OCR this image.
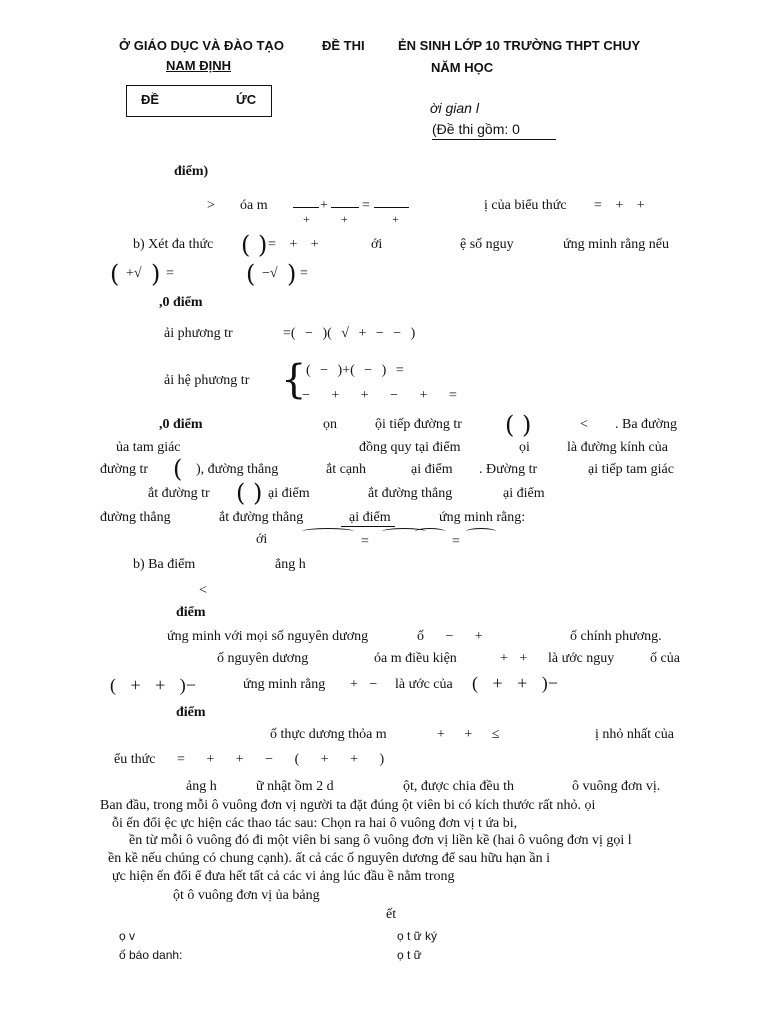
Ở GIÁO DỤC VÀ ĐÀO TẠO
NAM ĐỊNH
ĐỀ THI	ẺN SINH LỚP 10 TRƯỜNG THPT CHUY
NĂM HỌC
ĐỀ	ỨC
ời gian l
(Đề thi gồm: 0
điểm)
> óa m	+ =
+	+	+
ị của biểu thức = + +
b) Xét đa thức ( ) = + +	ới	ệ số nguy	ứng minh rằng nếu
( +√ ) =	( −√ ) =
,0 điểm
ải phương tr	=( − )( √ + − − )
ải hệ phương tr { ( − )+( − ) =
− + + − + =
,0 điểm	ọn	ội tiếp đường tr ( )	< . Ba đường
ủa tam giác	đồng quy tại điểm	ọi	là đường kính của
đường tr ( ), đường thẳng	ắt cạnh	ại điểm . Đường tr	ại tiếp tam giác
ắt đường tr ( ) ại điểm	ắt đường thẳng	ại điểm
đường thẳng	ắt đường thẳng	ại điểm	ứng minh rằng:
ới	=	=
b) Ba điểm	ẳng h
<
điểm
ứng minh với mọi số nguyên dương	ố − +	ố chính phương.
ố nguyên dương	óa m điều kiện	+ + là ước nguy	ố của
( + + )−	ứng minh rằng + − là ước của ( + + )−
điểm
ố thực dương thỏa m	+ + ≤	ị nhỏ nhất của
ểu thức = + + − ( + + )
ảng h	ữ nhật ồm 2 d	ột, được chia đều th	ô vuông đơn vị.
Ban đầu, trong mỗi ô vuông đơn vị người ta đặt đúng ột viên bi có kích thước rất nhỏ. ọi
ỗi ến đổi ệc ực hiện các thao tác sau: Chọn ra hai ô vuông đơn vị t ứa bi,
ền từ mỗi ô vuông đó đi một viên bi sang ô vuông đơn vị liền kề (hai ô vuông đơn vị gọi l
ền kề nếu chúng có chung cạnh). ất cả các ố nguyên dương để sau hữu hạn ần i
ực hiện ến đổi ể đưa hết tất cả các vi ảng lúc đầu ề nằm trong
ột ô vuông đơn vị ủa bảng
ết
ọ v	ọ t ữ ký
ố báo danh:	ọ t ữ
